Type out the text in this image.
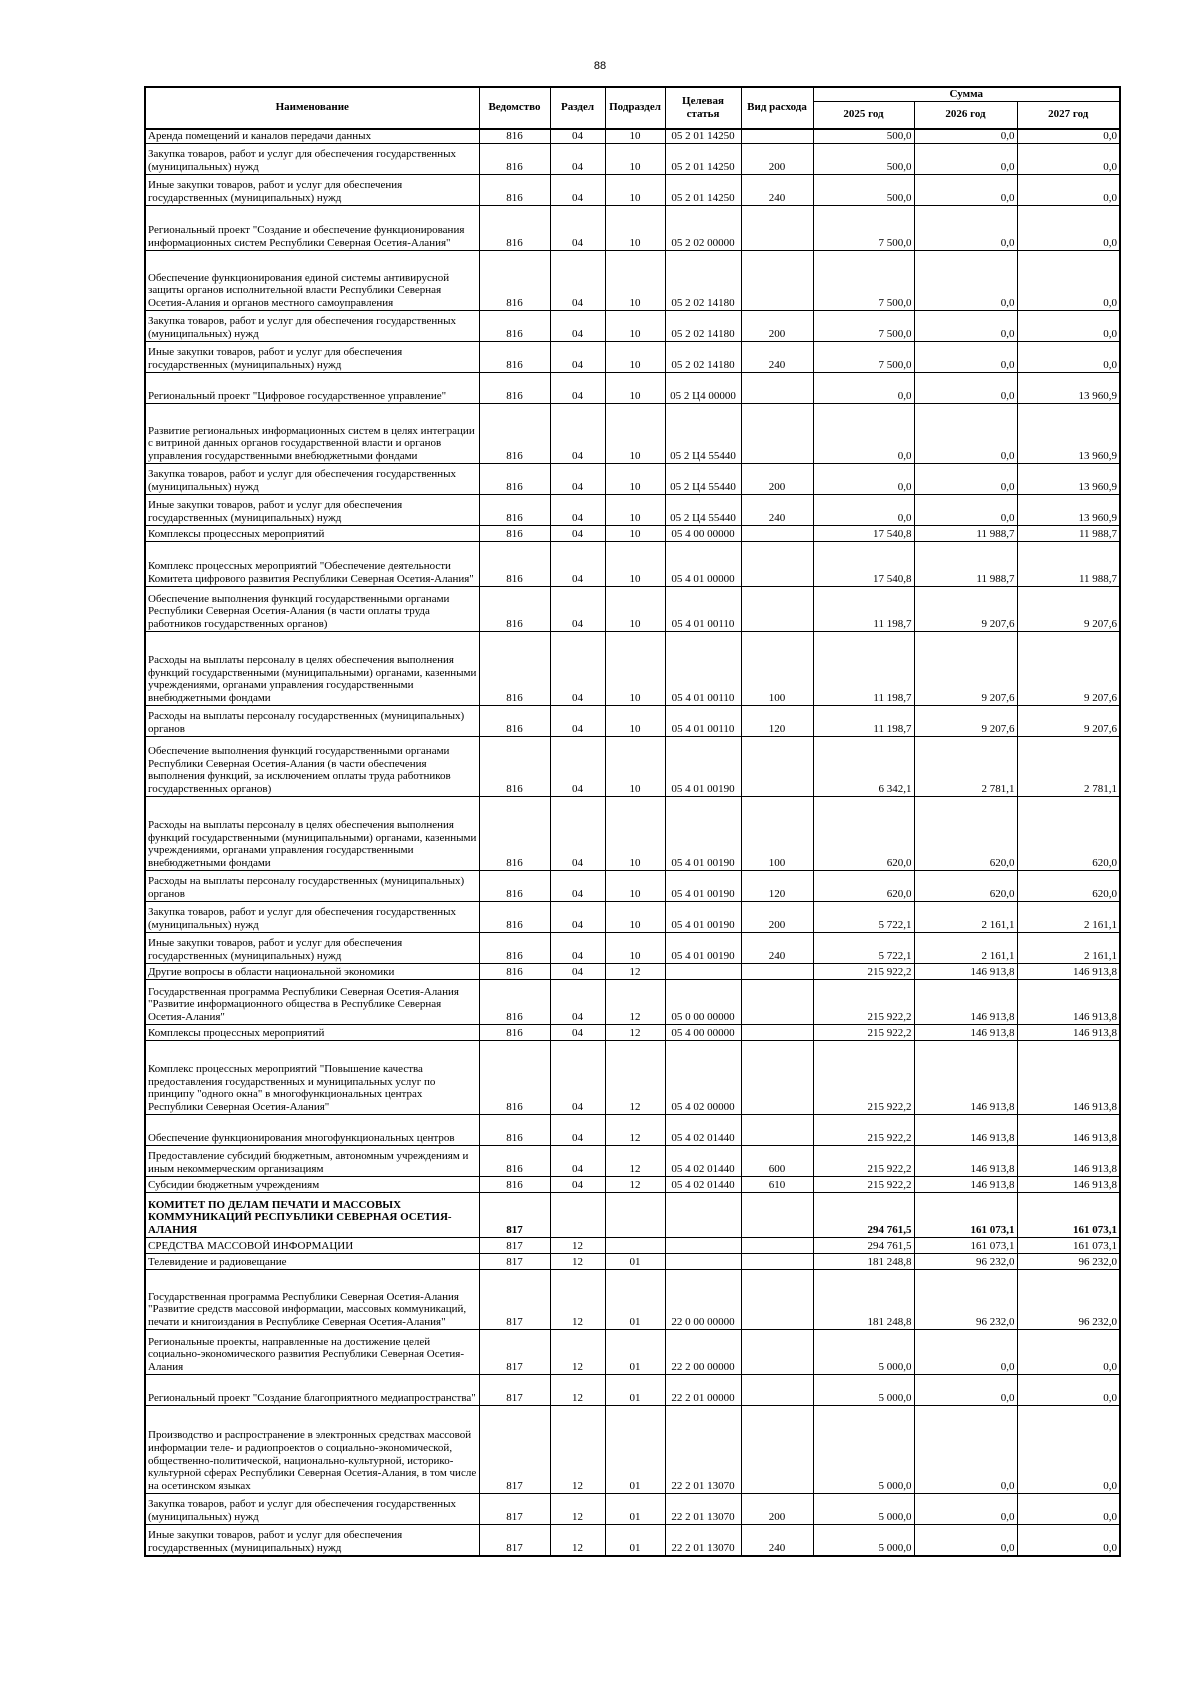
88
Наименование	Ведомство	Раздел	Подраздел	Целевая статья	Вид расхода	Сумма		
						2025 год	2026 год	2027 год
Аренда помещений и каналов передачи данных	816	04	10	05 2 01 14250		500,0	0,0	0,0
Закупка товаров, работ и услуг для обеспечения государственных (муниципальных) нужд	816	04	10	05 2 01 14250	200	500,0	0,0	0,0
Иные закупки товаров, работ и услуг для обеспечения государственных (муниципальных) нужд	816	04	10	05 2 01 14250	240	500,0	0,0	0,0
Региональный проект "Создание и обеспечение функционирования информационных систем Республики Северная Осетия-Алания"	816	04	10	05 2 02 00000		7 500,0	0,0	0,0
Обеспечение функционирования единой системы антивирусной защиты органов исполнительной власти Республики Северная Осетия-Алания и органов местного самоуправления	816	04	10	05 2 02 14180		7 500,0	0,0	0,0
Закупка товаров, работ и услуг для обеспечения государственных (муниципальных) нужд	816	04	10	05 2 02 14180	200	7 500,0	0,0	0,0
Иные закупки товаров, работ и услуг для обеспечения государственных (муниципальных) нужд	816	04	10	05 2 02 14180	240	7 500,0	0,0	0,0
Региональный проект "Цифровое государственное управление"	816	04	10	05 2 Ц4 00000		0,0	0,0	13 960,9
Развитие региональных информационных систем в целях интеграции с витриной данных органов государственной власти и органов управления государственными внебюджетными фондами	816	04	10	05 2 Ц4 55440		0,0	0,0	13 960,9
Закупка товаров, работ и услуг для обеспечения государственных (муниципальных) нужд	816	04	10	05 2 Ц4 55440	200	0,0	0,0	13 960,9
Иные закупки товаров, работ и услуг для обеспечения государственных (муниципальных) нужд	816	04	10	05 2 Ц4 55440	240	0,0	0,0	13 960,9
Комплексы процессных мероприятий	816	04	10	05 4 00 00000		17 540,8	11 988,7	11 988,7
Комплекс процессных мероприятий "Обеспечение деятельности Комитета цифрового развития Республики Северная Осетия-Алания"	816	04	10	05 4 01 00000		17 540,8	11 988,7	11 988,7
Обеспечение выполнения функций государственными органами Республики Северная Осетия-Алания (в части оплаты труда работников государственных органов)	816	04	10	05 4 01 00110		11 198,7	9 207,6	9 207,6
Расходы на выплаты персоналу в целях обеспечения выполнения функций государственными (муниципальными) органами, казенными учреждениями, органами управления государственными внебюджетными фондами	816	04	10	05 4 01 00110	100	11 198,7	9 207,6	9 207,6
Расходы на выплаты персоналу государственных (муниципальных) органов	816	04	10	05 4 01 00110	120	11 198,7	9 207,6	9 207,6
Обеспечение выполнения функций государственными органами Республики Северная Осетия-Алания (в части обеспечения выполнения функций, за исключением оплаты труда работников государственных органов)	816	04	10	05 4 01 00190		6 342,1	2 781,1	2 781,1
Расходы на выплаты персоналу в целях обеспечения выполнения функций государственными (муниципальными) органами, казенными учреждениями, органами управления государственными внебюджетными фондами	816	04	10	05 4 01 00190	100	620,0	620,0	620,0
Расходы на выплаты персоналу государственных (муниципальных) органов	816	04	10	05 4 01 00190	120	620,0	620,0	620,0
Закупка товаров, работ и услуг для обеспечения государственных (муниципальных) нужд	816	04	10	05 4 01 00190	200	5 722,1	2 161,1	2 161,1
Иные закупки товаров, работ и услуг для обеспечения государственных (муниципальных) нужд	816	04	10	05 4 01 00190	240	5 722,1	2 161,1	2 161,1
Другие вопросы в области национальной экономики	816	04	12			215 922,2	146 913,8	146 913,8
Государственная программа Республики Северная Осетия-Алания "Развитие информационного общества в Республике Северная Осетия-Алания"	816	04	12	05 0 00 00000		215 922,2	146 913,8	146 913,8
Комплексы процессных мероприятий	816	04	12	05 4 00 00000		215 922,2	146 913,8	146 913,8
Комплекс процессных мероприятий "Повышение качества предоставления государственных и муниципальных услуг по принципу "одного окна" в многофункциональных центрах Республики Северная Осетия-Алания"	816	04	12	05 4 02 00000		215 922,2	146 913,8	146 913,8
Обеспечение функционирования многофункциональных центров	816	04	12	05 4 02 01440		215 922,2	146 913,8	146 913,8
Предоставление субсидий бюджетным, автономным учреждениям и иным некоммерческим организациям	816	04	12	05 4 02 01440	600	215 922,2	146 913,8	146 913,8
Субсидии бюджетным учреждениям	816	04	12	05 4 02 01440	610	215 922,2	146 913,8	146 913,8
КОМИТЕТ ПО ДЕЛАМ ПЕЧАТИ И МАССОВЫХ КОММУНИКАЦИЙ РЕСПУБЛИКИ СЕВЕРНАЯ ОСЕТИЯ-АЛАНИЯ	817					294 761,5	161 073,1	161 073,1
СРЕДСТВА МАССОВОЙ ИНФОРМАЦИИ	817	12				294 761,5	161 073,1	161 073,1
Телевидение и радиовещание	817	12	01			181 248,8	96 232,0	96 232,0
Государственная программа Республики Северная Осетия-Алания "Развитие средств массовой информации, массовых коммуникаций, печати и книгоиздания в Республике Северная Осетия-Алания"	817	12	01	22 0 00 00000		181 248,8	96 232,0	96 232,0
Региональные проекты, направленные на достижение целей социально-экономического развития Республики Северная Осетия-Алания	817	12	01	22 2 00 00000		5 000,0	0,0	0,0
Региональный проект "Создание благоприятного медиапространства"	817	12	01	22 2 01 00000		5 000,0	0,0	0,0
Производство и распространение в электронных средствах массовой информации теле- и радиопроектов о социально-экономической, общественно-политической, национально-культурной, историко-культурной сферах Республики Северная Осетия-Алания, в том числе на осетинском языках	817	12	01	22 2 01 13070		5 000,0	0,0	0,0
Закупка товаров, работ и услуг для обеспечения государственных (муниципальных) нужд	817	12	01	22 2 01 13070	200	5 000,0	0,0	0,0
Иные закупки товаров, работ и услуг для обеспечения государственных (муниципальных) нужд	817	12	01	22 2 01 13070	240	5 000,0	0,0	0,0
